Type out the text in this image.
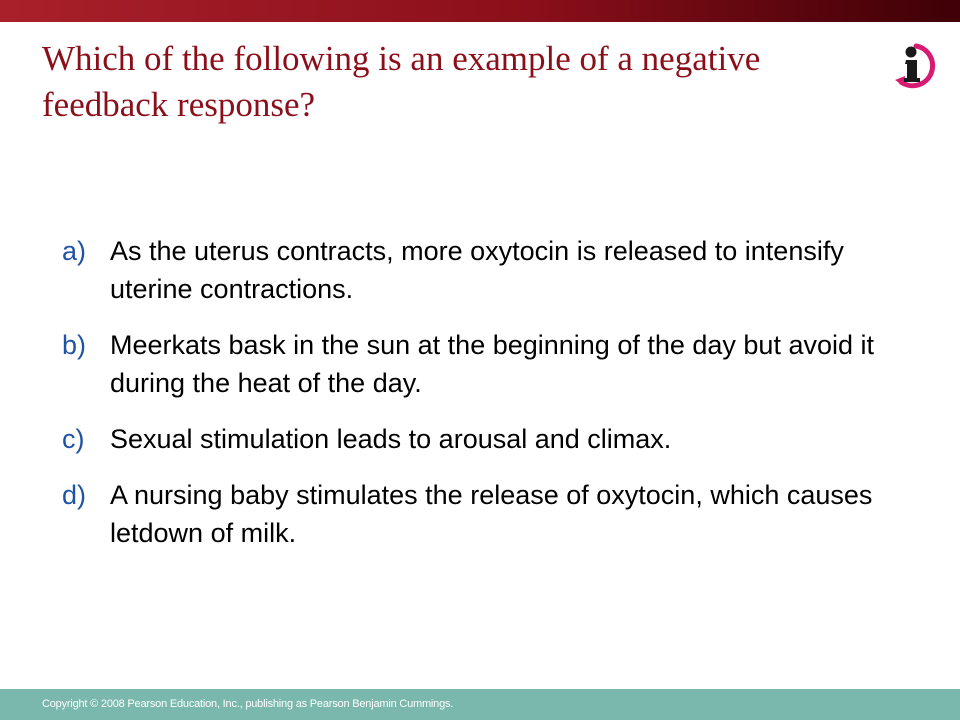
Which of the following is an example of a negative feedback response?
a) As the uterus contracts, more oxytocin is released to intensify uterine contractions.
b) Meerkats bask in the sun at the beginning of the day but avoid it during the heat of the day.
c) Sexual stimulation leads to arousal and climax.
d) A nursing baby stimulates the release of oxytocin, which causes letdown of milk.
Copyright © 2008 Pearson Education, Inc., publishing as Pearson Benjamin Cummings.
